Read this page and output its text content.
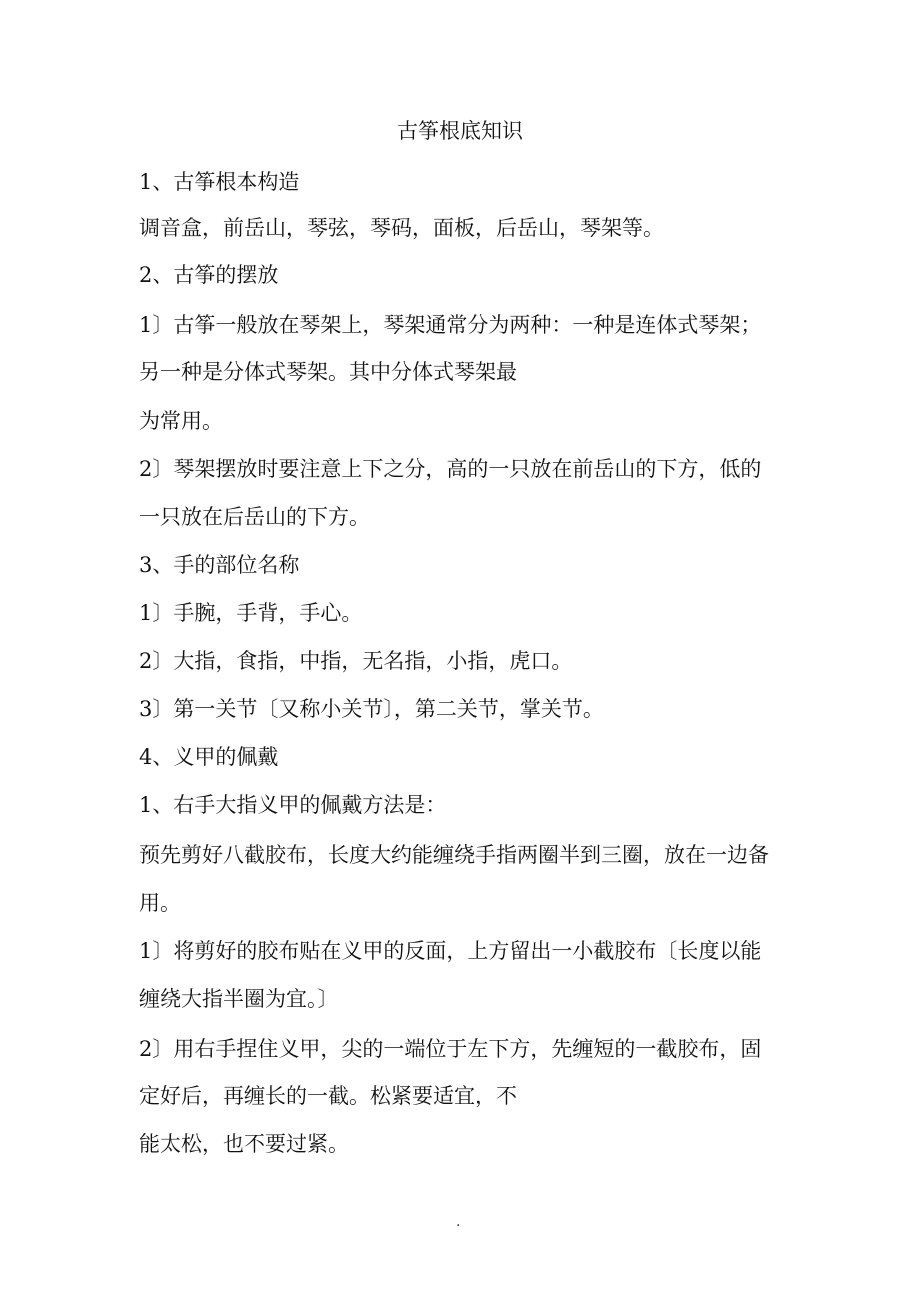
古筝根底知识
1、古筝根本构造
调音盒，前岳山，琴弦，琴码，面板，后岳山，琴架等。
2、古筝的摆放
1〕古筝一般放在琴架上，琴架通常分为两种：一种是连体式琴架；
另一种是分体式琴架。其中分体式琴架最
为常用。
2〕琴架摆放时要注意上下之分，高的一只放在前岳山的下方，低的
一只放在后岳山的下方。
3、手的部位名称
1〕手腕，手背，手心。
2〕大指，食指，中指，无名指，小指，虎口。
3〕第一关节〔又称小关节〕，第二关节，掌关节。
4、义甲的佩戴
1、右手大指义甲的佩戴方法是：
预先剪好八截胶布，长度大约能缠绕手指两圈半到三圈，放在一边备
用。
1〕将剪好的胶布贴在义甲的反面，上方留出一小截胶布〔长度以能
缠绕大指半圈为宜。〕
2〕用右手捏住义甲，尖的一端位于左下方，先缠短的一截胶布，固
定好后，再缠长的一截。松紧要适宜，不
能太松，也不要过紧。
.
